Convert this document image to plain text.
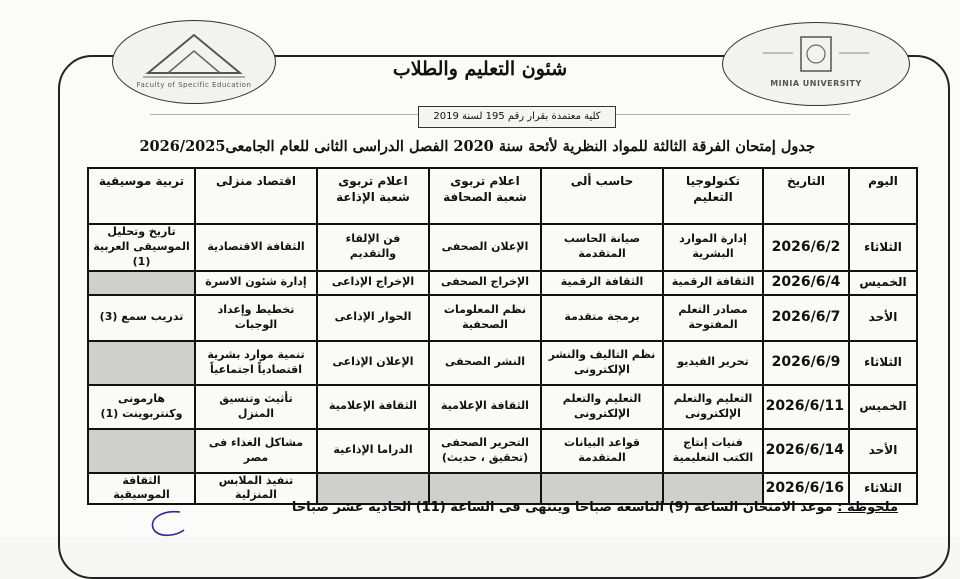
Faculty of Specific Education	MINIA UNIVERSITY
شئون التعليم والطلاب
كلية معتمدة بقرار رقم 195 لسنة 2019
جدول إمتحان الفرقة الثالثة للمواد النظرية لأئحة سنة 2020 الفصل الدراسى الثانى للعام الجامعى2026/2025
اليوم	التاريخ	تكنولوجيا التعليم	حاسب ألى	اعلام تربوى شعبة الصحافة	اعلام تربوى شعبة الإذاعة	اقتصاد منزلى	تربية موسيقية
الثلاثاء	2026/6/2	إدارة الموارد البشرية	صيانة الحاسب المتقدمة	الإعلان الصحفى	فن الإلقاء والتقديم	الثقافة الاقتصادية	تاريخ وتحليل الموسيقى العربية (1)
الخميس	2026/6/4	الثقافة الرقمية	الثقافة الرقمية	الإخراج الصحفى	الإخراج الإذاعى	إدارة شئون الاسرة	
الأحد	2026/6/7	مصادر التعلم المفتوحة	برمجة متقدمة	نظم المعلومات الصحفية	الحوار الإذاعى	تخطيط وإعداد الوجبات	تدريب سمع (3)
الثلاثاء	2026/6/9	تحرير الفيديو	نظم التاليف والنشر الإلكترونى	النشر الصحفى	الإعلان الإذاعى	تنمية موارد بشرية اقتصادياً اجتماعياً	
الخميس	2026/6/11	التعليم والتعلم الإلكترونى	التعليم والتعلم الإلكترونى	الثقافة الإعلامية	الثقافة الإعلامية	تأثيث وتنسيق المنزل	هارمونى وكنتربوينت (1)
الأحد	2026/6/14	فنيات إنتاج الكتب التعليمية	قواعد البيانات المتقدمة	التحرير الصحفى (تحقيق ، حديث)	الدراما الإذاعية	مشاكل الغذاء فى مصر	
الثلاثاء	2026/6/16					تنفيذ الملابس المنزلية	الثقافة الموسيقية
ملحوظة : موعد الامتحان الساعة (9) التاسعه صباحا وينتهى فى الساعة (11) الحاديه عشر صباحا
